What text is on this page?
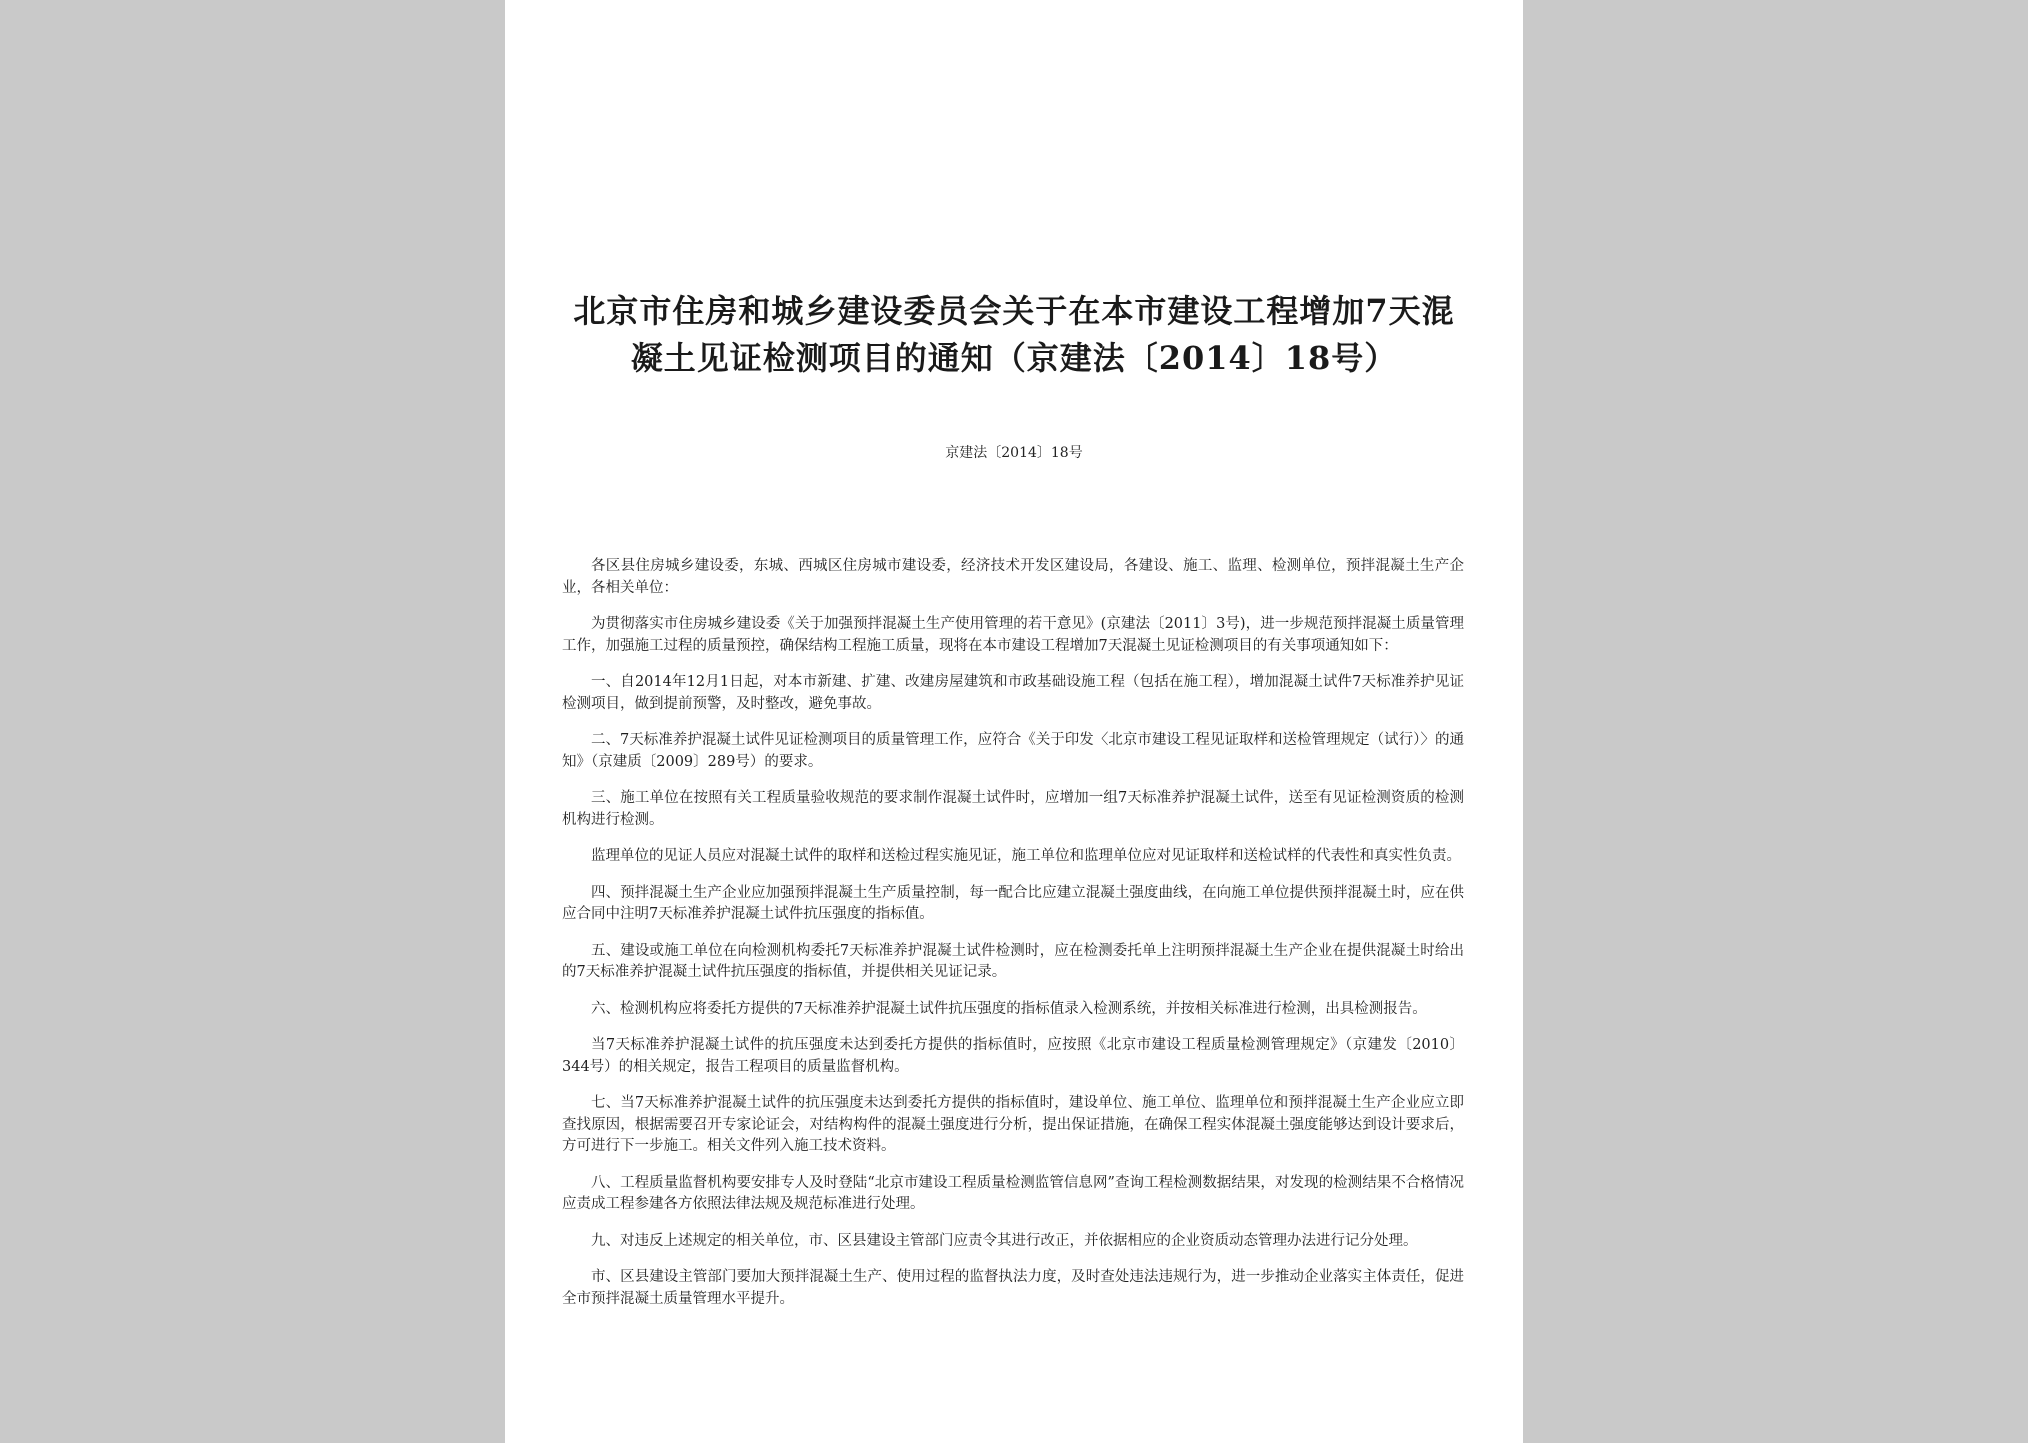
北京市住房和城乡建设委员会关于在本市建设工程增加7天混凝土见证检测项目的通知（京建法〔2014〕18号）

京建法〔2014〕18号

各区县住房城乡建设委，东城、西城区住房城市建设委，经济技术开发区建设局，各建设、施工、监理、检测单位，预拌混凝土生产企业，各相关单位：

为贯彻落实市住房城乡建设委《关于加强预拌混凝土生产使用管理的若干意见》(京建法〔2011〕3号)，进一步规范预拌混凝土质量管理工作，加强施工过程的质量预控，确保结构工程施工质量，现将在本市建设工程增加7天混凝土见证检测项目的有关事项通知如下：

一、自2014年12月1日起，对本市新建、扩建、改建房屋建筑和市政基础设施工程（包括在施工程），增加混凝土试件7天标准养护见证检测项目，做到提前预警，及时整改，避免事故。

二、7天标准养护混凝土试件见证检测项目的质量管理工作，应符合《关于印发〈北京市建设工程见证取样和送检管理规定（试行）〉的通知》（京建质〔2009〕289号）的要求。

三、施工单位在按照有关工程质量验收规范的要求制作混凝土试件时，应增加一组7天标准养护混凝土试件，送至有见证检测资质的检测机构进行检测。

监理单位的见证人员应对混凝土试件的取样和送检过程实施见证，施工单位和监理单位应对见证取样和送检试样的代表性和真实性负责。

四、预拌混凝土生产企业应加强预拌混凝土生产质量控制，每一配合比应建立混凝土强度曲线，在向施工单位提供预拌混凝土时，应在供应合同中注明7天标准养护混凝土试件抗压强度的指标值。

五、建设或施工单位在向检测机构委托7天标准养护混凝土试件检测时，应在检测委托单上注明预拌混凝土生产企业在提供混凝土时给出的7天标准养护混凝土试件抗压强度的指标值，并提供相关见证记录。

六、检测机构应将委托方提供的7天标准养护混凝土试件抗压强度的指标值录入检测系统，并按相关标准进行检测，出具检测报告。

当7天标准养护混凝土试件的抗压强度未达到委托方提供的指标值时，应按照《北京市建设工程质量检测管理规定》（京建发〔2010〕344号）的相关规定，报告工程项目的质量监督机构。

七、当7天标准养护混凝土试件的抗压强度未达到委托方提供的指标值时，建设单位、施工单位、监理单位和预拌混凝土生产企业应立即查找原因，根据需要召开专家论证会，对结构构件的混凝土强度进行分析，提出保证措施，在确保工程实体混凝土强度能够达到设计要求后，方可进行下一步施工。相关文件列入施工技术资料。

八、工程质量监督机构要安排专人及时登陆“北京市建设工程质量检测监管信息网”查询工程检测数据结果，对发现的检测结果不合格情况应责成工程参建各方依照法律法规及规范标准进行处理。

九、对违反上述规定的相关单位，市、区县建设主管部门应责令其进行改正，并依据相应的企业资质动态管理办法进行记分处理。

市、区县建设主管部门要加大预拌混凝土生产、使用过程的监督执法力度，及时查处违法违规行为，进一步推动企业落实主体责任，促进全市预拌混凝土质量管理水平提升。
